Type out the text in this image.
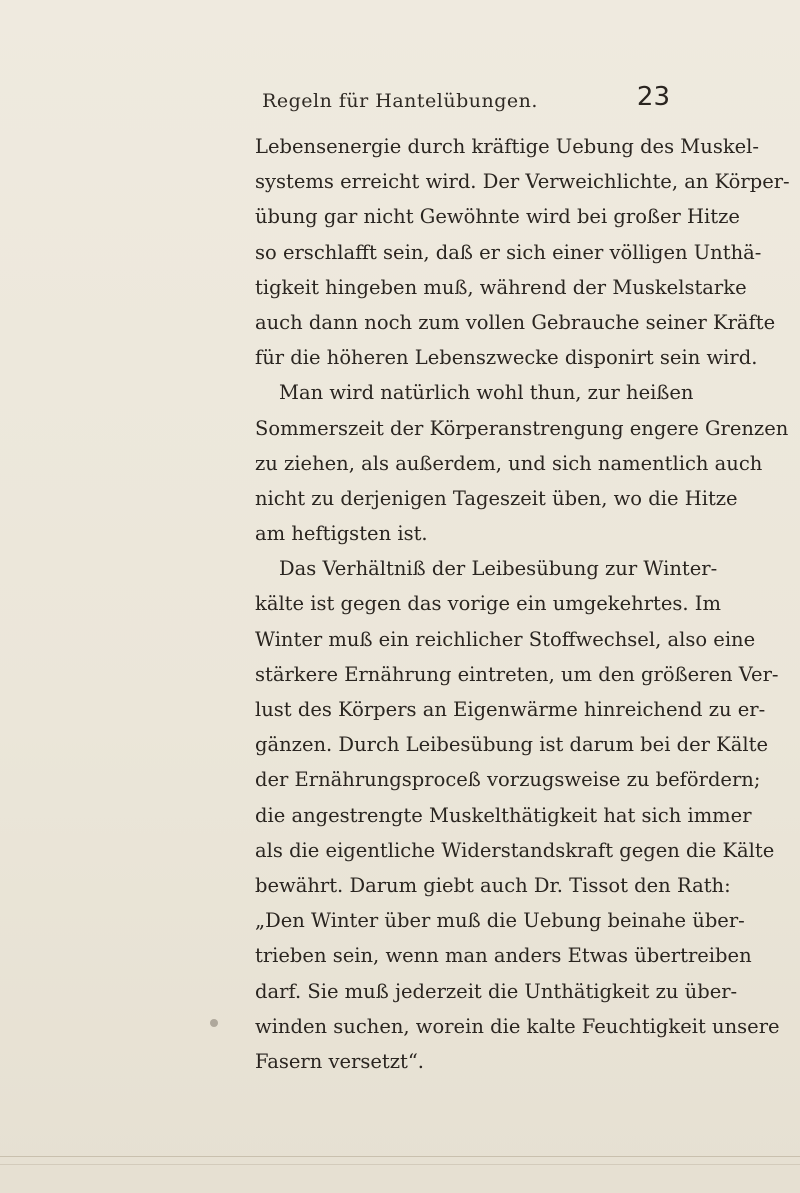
Regeln für Hantelübungen.	23
Lebensenergie durch kräftige Uebung des Muskel-
systems erreicht wird. Der Verweichlichte, an Körper-
übung gar nicht Gewöhnte wird bei großer Hitze
so erschlafft sein, daß er sich einer völligen Unthä-
tigkeit hingeben muß, während der Muskelstarke
auch dann noch zum vollen Gebrauche seiner Kräfte
für die höheren Lebenszwecke disponirt sein wird.
Man wird natürlich wohl thun, zur heißen
Sommerszeit der Körperanstrengung engere Grenzen
zu ziehen, als außerdem, und sich namentlich auch
nicht zu derjenigen Tageszeit üben, wo die Hitze
am heftigsten ist.
Das Verhältniß der Leibesübung zur Winter-
kälte ist gegen das vorige ein umgekehrtes. Im
Winter muß ein reichlicher Stoffwechsel, also eine
stärkere Ernährung eintreten, um den größeren Ver-
lust des Körpers an Eigenwärme hinreichend zu er-
gänzen. Durch Leibesübung ist darum bei der Kälte
der Ernährungsproceß vorzugsweise zu befördern;
die angestrengte Muskelthätigkeit hat sich immer
als die eigentliche Widerstandskraft gegen die Kälte
bewährt. Darum giebt auch Dr. Tissot den Rath:
„Den Winter über muß die Uebung beinahe über-
trieben sein, wenn man anders Etwas übertreiben
darf. Sie muß jederzeit die Unthätigkeit zu über-
winden suchen, worein die kalte Feuchtigkeit unsere
Fasern versetzt“.
